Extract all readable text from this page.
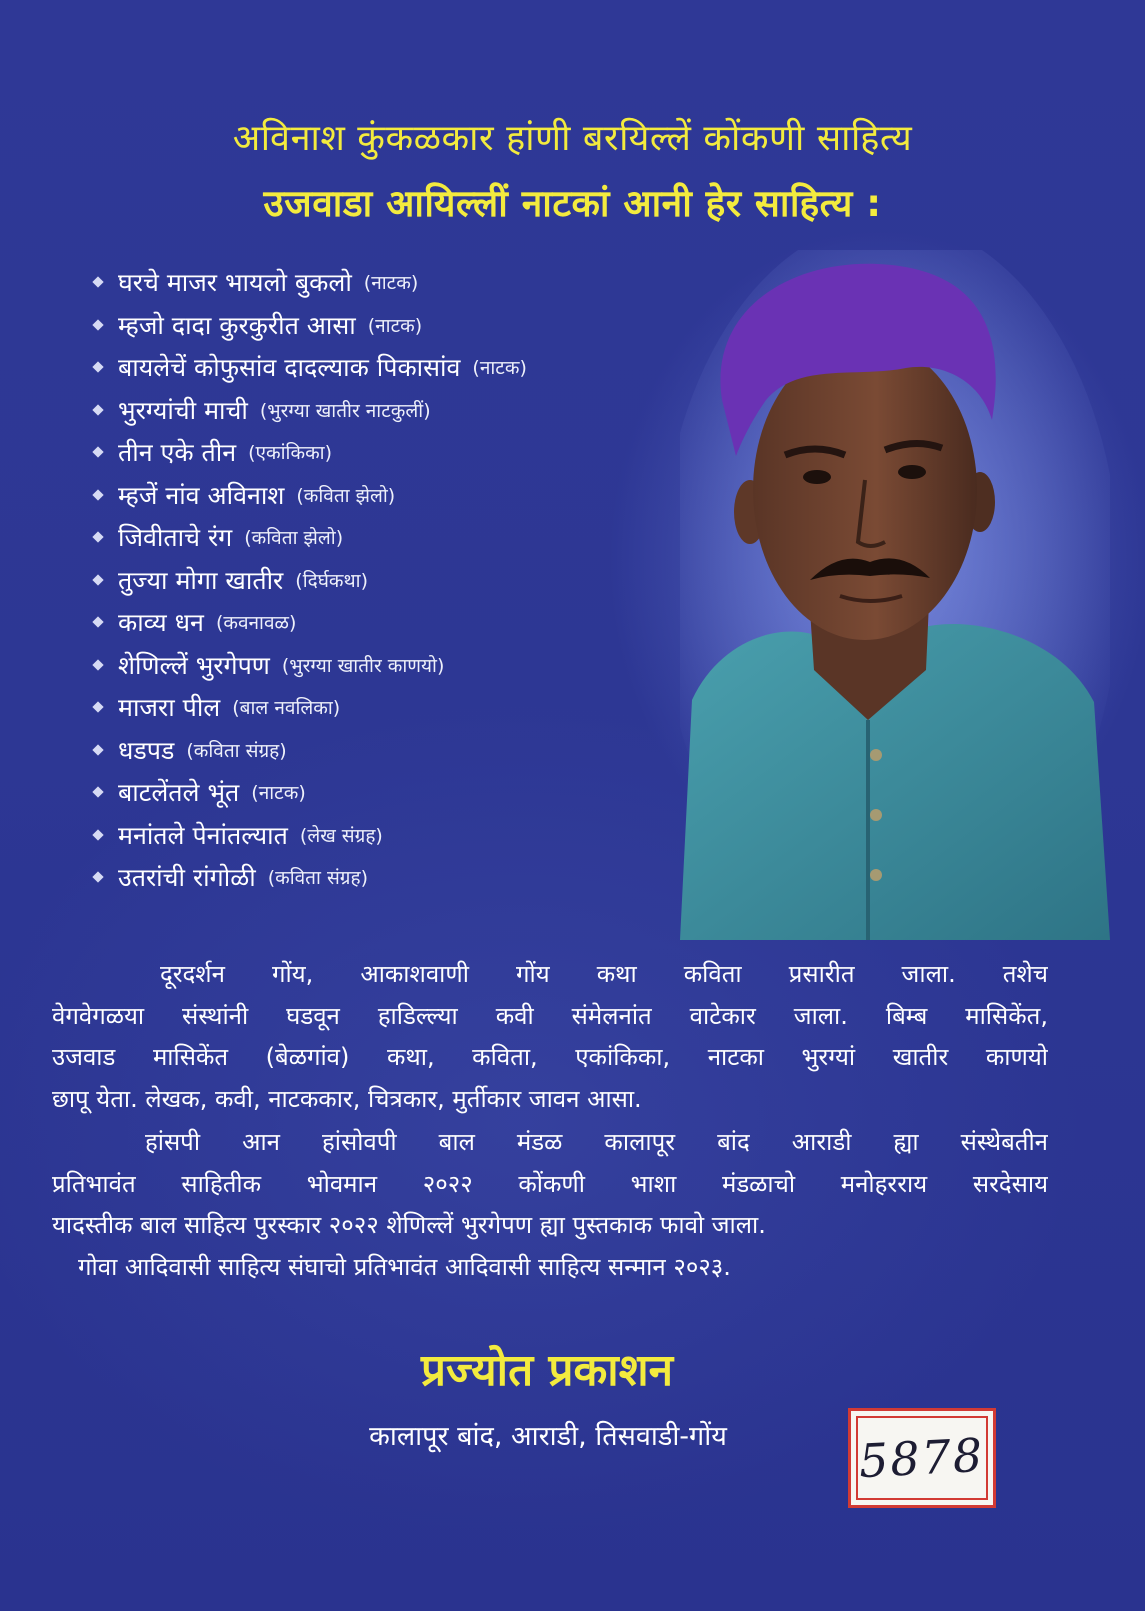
अविनाश कुंकळकार हांणी बरयिल्लें कोंकणी साहित्य
उजवाडा आयिल्लीं नाटकां आनी हेर साहित्य :
घरचे माजर भायलो बुकलो (नाटक)
म्हजो दादा कुरकुरीत आसा (नाटक)
बायलेचें कोफुसांव दादल्याक पिकासांव (नाटक)
भुरग्यांची माची (भुरग्या खातीर नाटकुलीं)
तीन एके तीन (एकांकिका)
म्हजें नांव अविनाश (कविता झेलो)
जिवीताचे रंग (कविता झेलो)
तुज्या मोगा खातीर (दिर्घकथा)
काव्य धन (कवनावळ)
शेणिल्लें भुरगेपण (भुरग्या खातीर काणयो)
माजरा पील (बाल नवलिका)
धडपड (कविता संग्रह)
बाटलेंतले भूंत (नाटक)
मनांतले पेनांतल्यात (लेख संग्रह)
उतरांची रांगोळी (कविता संग्रह)
दूरदर्शन गोंय, आकाशवाणी गोंय कथा कविता प्रसारीत जाला. तशेच
वेगवेगळया संस्थांनी घडवून हाडिल्ल्या कवी संमेलनांत वाटेकार जाला. बिम्ब मासिकेंत,
उजवाड मासिकेंत (बेळगांव) कथा, कविता, एकांकिका, नाटका भुरग्यां खातीर काणयो
छापू येता. लेखक, कवी, नाटककार, चित्रकार, मुर्तीकार जावन आसा.
हांसपी आन हांसोवपी बाल मंडळ कालापूर बांद आराडी ह्या संस्थेबतीन
प्रतिभावंत साहितीक भोवमान २०२२ कोंकणी भाशा मंडळाचो मनोहरराय सरदेसाय
यादस्तीक बाल साहित्य पुरस्कार २०२२ शेणिल्लें भुरगेपण ह्या पुस्तकाक फावो जाला.
गोवा आदिवासी साहित्य संघाचो प्रतिभावंत आदिवासी साहित्य सन्मान २०२३.
प्रज्योत प्रकाशन
कालापूर बांद, आराडी, तिसवाडी-गोंय	5878
